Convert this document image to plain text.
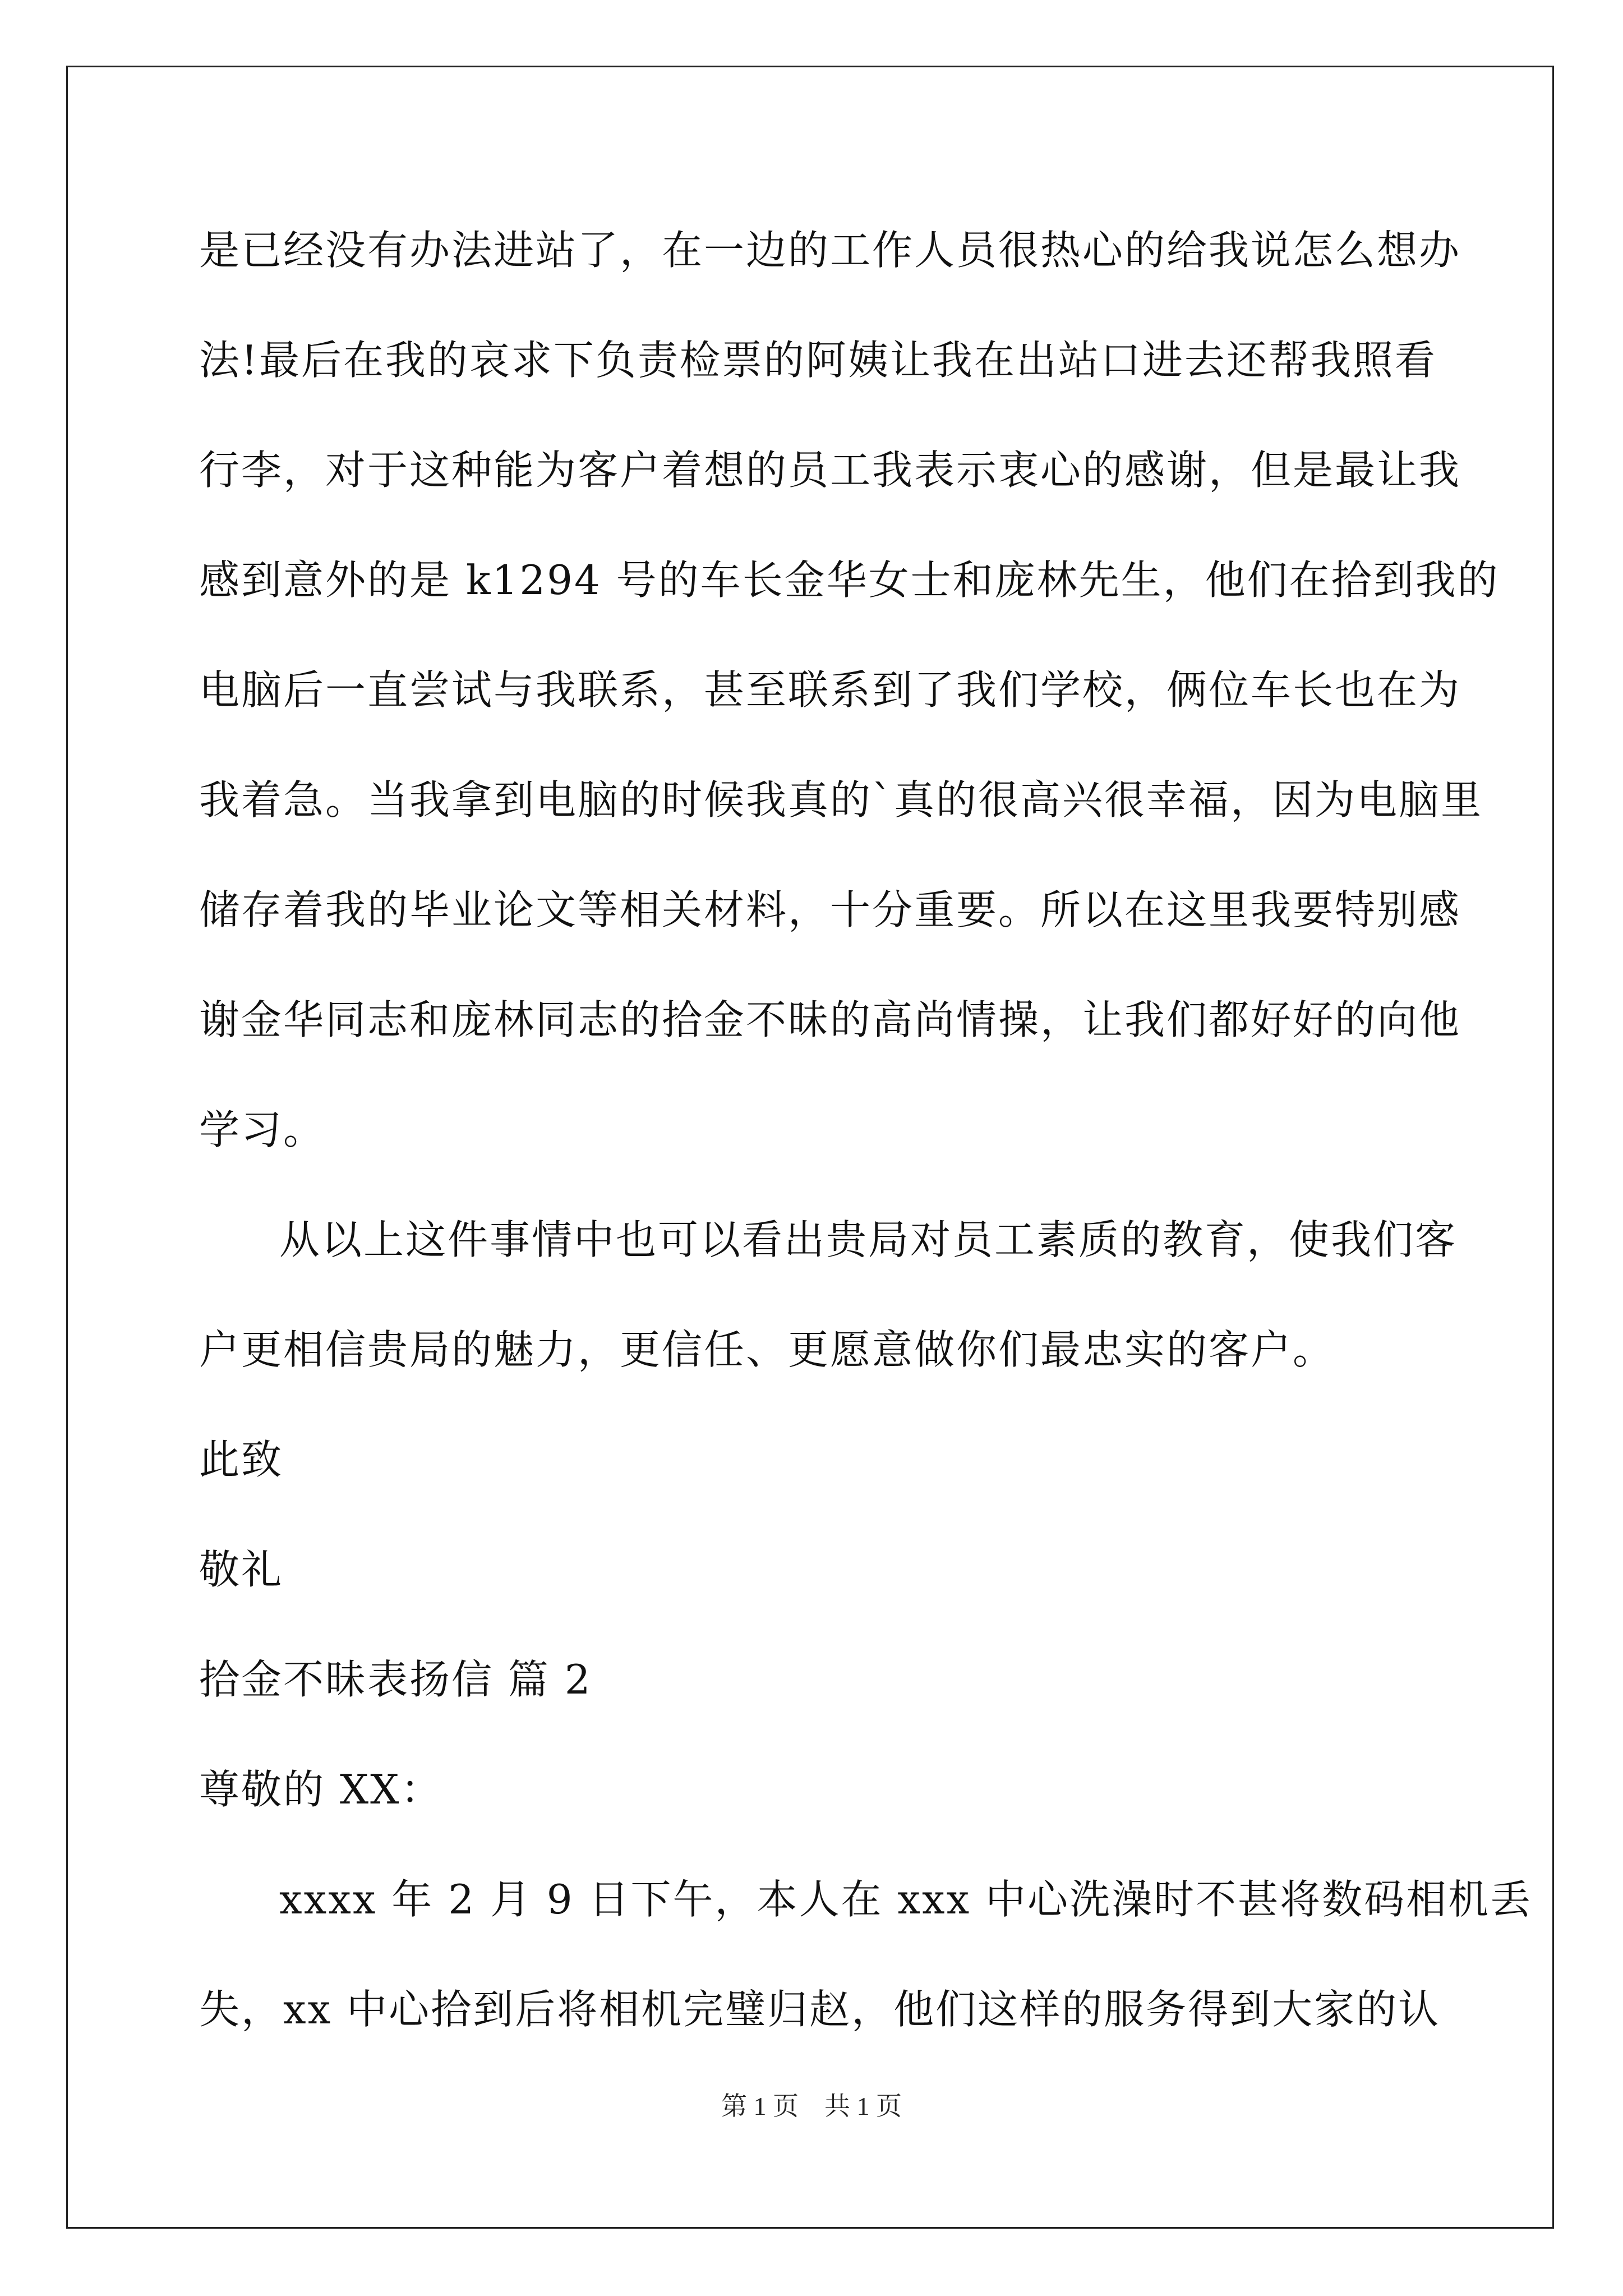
是已经没有办法进站了，在一边的工作人员很热心的给我说怎么想办
法!最后在我的哀求下负责检票的阿姨让我在出站口进去还帮我照看
行李，对于这种能为客户着想的员工我表示衷心的感谢，但是最让我
感到意外的是 k1294 号的车长金华女士和庞林先生，他们在拾到我的
电脑后一直尝试与我联系，甚至联系到了我们学校，俩位车长也在为
我着急。当我拿到电脑的时候我真的`真的很高兴很幸福，因为电脑里
储存着我的毕业论文等相关材料，十分重要。所以在这里我要特别感
谢金华同志和庞林同志的拾金不昧的高尚情操，让我们都好好的向他
学习。
从以上这件事情中也可以看出贵局对员工素质的教育，使我们客
户更相信贵局的魅力，更信任、更愿意做你们最忠实的客户。
此致
敬礼
拾金不昧表扬信 篇 2
尊敬的 XX：
xxxx 年 2 月 9 日下午，本人在 xxx 中心洗澡时不甚将数码相机丢
失，xx 中心拾到后将相机完璧归赵，他们这样的服务得到大家的认
第 1 页    共 1 页
